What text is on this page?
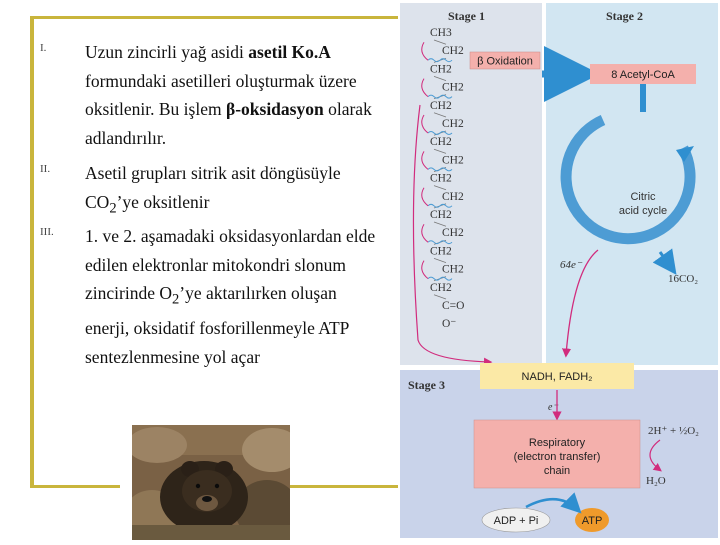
I.	Uzun zincirli yağ asidi asetil Ko.A formundaki asetilleri oluşturmak üzere oksitlenir. Bu işlem β-oksidasyon olarak adlandırılır.
II.	Asetil grupları sitrik asit döngüsüyle $CO_2’ye$ oksitlenir
III.	1. ve 2. aşamadaki oksidasyonlardan elde edilen elektronlar mitokondri slonum zincirinde $O_2’ye$ aktarılırken oluşan enerji, oksidatif fosforillenmeyle ATP sentezlenmesine yol açar
Stage 1	Stage 2
Stage 3
CH3
CH2
CH2
CH2
CH2
CH2
CH2
CH2
CH2
CH2
CH2
CH2
CH2
CH2
CH2
C=O
O⁻
β Oxidation
8 Acetyl-CoA
Citric
acid cycle
64e⁻
16CO₂
NADH, FADH₂
e⁻
Respiratory
(electron transfer)
chain
2H⁺ + ½O₂
H₂O
ADP + Pi	ATP
